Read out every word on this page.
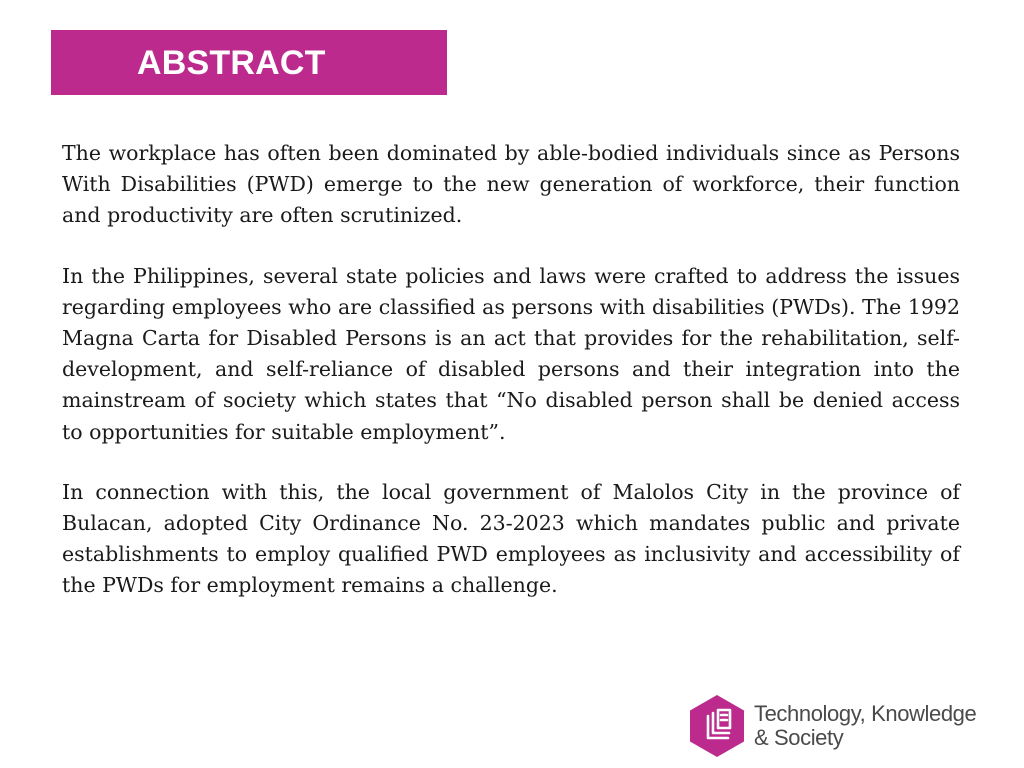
ABSTRACT

The workplace has often been dominated by able-bodied individuals since as Persons With Disabilities (PWD) emerge to the new generation of workforce, their function and productivity are often scrutinized.

In the Philippines, several state policies and laws were crafted to address the issues regarding employees who are classified as persons with disabilities (PWDs). The 1992 Magna Carta for Disabled Persons is an act that provides for the rehabilitation, self-development, and self-reliance of disabled persons and their integration into the mainstream of society which states that “No disabled person shall be denied access to opportunities for suitable employment”.

In connection with this, the local government of Malolos City in the province of Bulacan, adopted City Ordinance No. 23-2023 which mandates public and private establishments to employ qualified PWD employees as inclusivity and accessibility of the PWDs for employment remains a challenge.

Technology, Knowledge
& Society
